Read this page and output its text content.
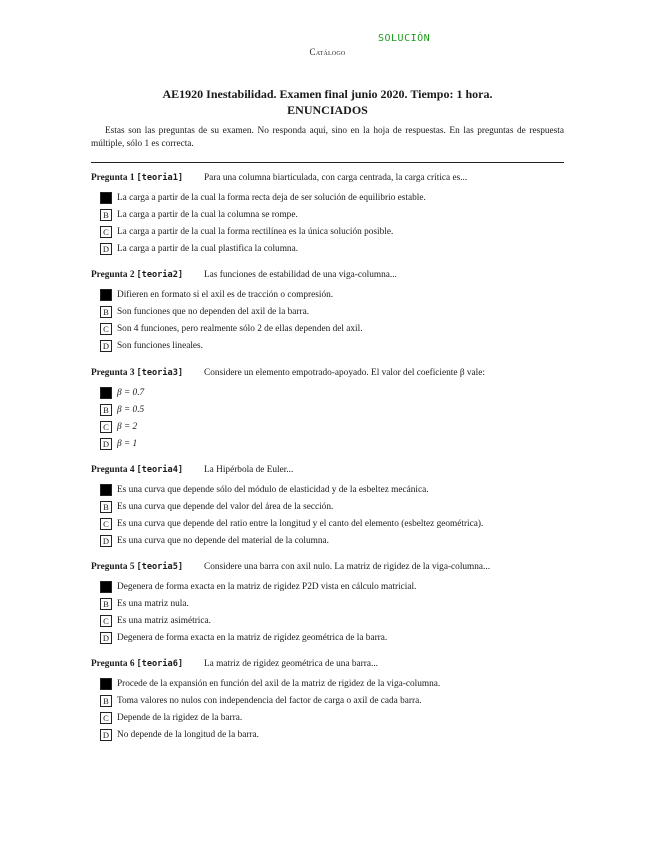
SOLUCIÓN
Catálogo
AE1920 Inestabilidad. Examen final junio 2020. Tiempo: 1 hora.
ENUNCIADOS
Estas son las preguntas de su examen. No responda aquí, sino en la hoja de respuestas. En las preguntas de respuesta múltiple, sólo 1 es correcta.
Pregunta 1 [teoria1] Para una columna biarticulada, con carga centrada, la carga crítica es...
A La carga a partir de la cual la forma recta deja de ser solución de equilibrio estable.
B La carga a partir de la cual la columna se rompe.
C La carga a partir de la cual la forma rectilínea es la única solución posible.
D La carga a partir de la cual plastifica la columna.
Pregunta 2 [teoria2] Las funciones de estabilidad de una viga-columna...
A Difieren en formato si el axil es de tracción o compresión.
B Son funciones que no dependen del axil de la barra.
C Son 4 funciones, pero realmente sólo 2 de ellas dependen del axil.
D Son funciones lineales.
Pregunta 3 [teoria3] Considere un elemento empotrado-apoyado. El valor del coeficiente β vale:
A β = 0.7
B β = 0.5
C β = 2
D β = 1
Pregunta 4 [teoria4] La Hipérbola de Euler...
A Es una curva que depende sólo del módulo de elasticidad y de la esbeltez mecánica.
B Es una curva que depende del valor del área de la sección.
C Es una curva que depende del ratio entre la longitud y el canto del elemento (esbeltez geométrica).
D Es una curva que no depende del material de la columna.
Pregunta 5 [teoria5] Considere una barra con axil nulo. La matriz de rigidez de la viga-columna...
A Degenera de forma exacta en la matriz de rigidez P2D vista en cálculo matricial.
B Es una matriz nula.
C Es una matriz asimétrica.
D Degenera de forma exacta en la matriz de rigidez geométrica de la barra.
Pregunta 6 [teoria6] La matriz de rigidez geométrica de una barra...
A Procede de la expansión en función del axil de la matriz de rigidez de la viga-columna.
B Toma valores no nulos con independencia del factor de carga o axil de cada barra.
C Depende de la rigidez de la barra.
D No depende de la longitud de la barra.
